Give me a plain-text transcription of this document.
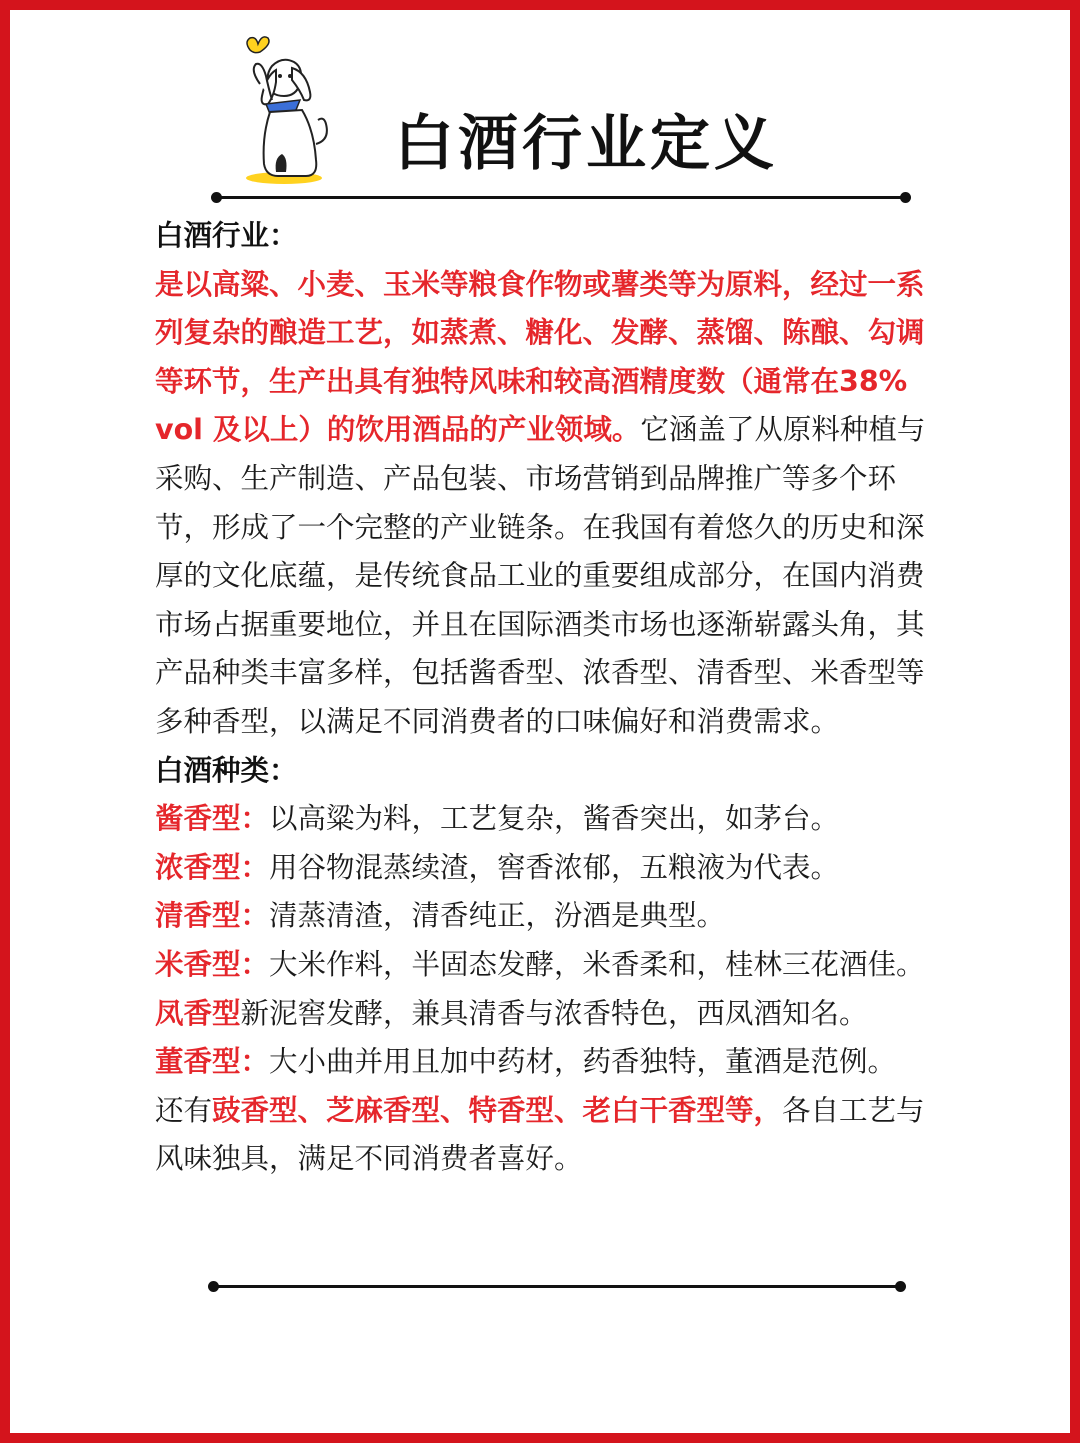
白酒行业定义

白酒行业：

是以高粱、小麦、玉米等粮食作物或薯类等为原料，经过一系列复杂的酿造工艺，如蒸煮、糖化、发酵、蒸馏、陈酿、勾调等环节，生产出具有独特风味和较高酒精度数（通常在38% vol 及以上）的饮用酒品的产业领域。它涵盖了从原料种植与采购、生产制造、产品包装、市场营销到品牌推广等多个环节，形成了一个完整的产业链条。在我国有着悠久的历史和深厚的文化底蕴，是传统食品工业的重要组成部分，在国内消费市场占据重要地位，并且在国际酒类市场也逐渐崭露头角，其产品种类丰富多样，包括酱香型、浓香型、清香型、米香型等多种香型，以满足不同消费者的口味偏好和消费需求。

白酒种类：

酱香型：以高粱为料，工艺复杂，酱香突出，如茅台。

浓香型：用谷物混蒸续渣，窖香浓郁，五粮液为代表。

清香型：清蒸清渣，清香纯正，汾酒是典型。

米香型：大米作料，半固态发酵，米香柔和，桂林三花酒佳。

凤香型新泥窖发酵，兼具清香与浓香特色，西凤酒知名。

董香型：大小曲并用且加中药材，药香独特，董酒是范例。

还有豉香型、芝麻香型、特香型、老白干香型等，各自工艺与风味独具，满足不同消费者喜好。
